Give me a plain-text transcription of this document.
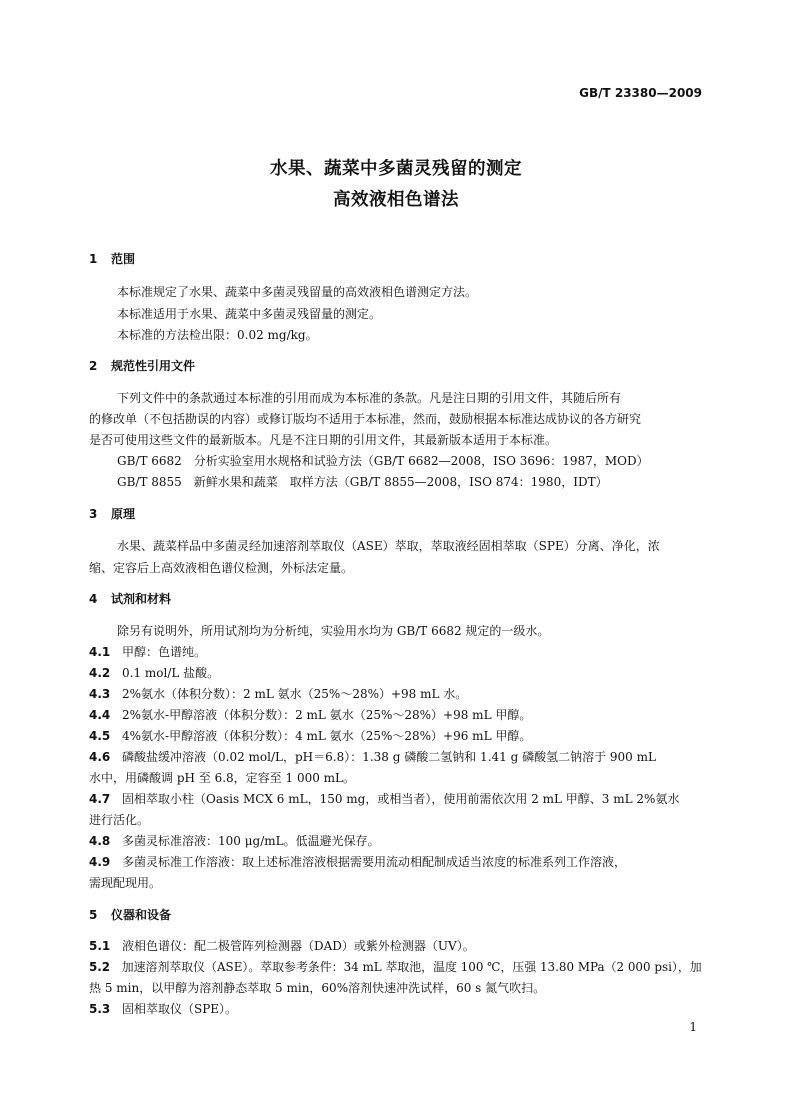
GB/T 23380—2009
水果、蔬菜中多菌灵残留的测定
高效液相色谱法
1 范围
本标准规定了水果、蔬菜中多菌灵残留量的高效液相色谱测定方法。
本标准适用于水果、蔬菜中多菌灵残留量的测定。
本标准的方法检出限：0.02 mg/kg。
2 规范性引用文件
下列文件中的条款通过本标准的引用而成为本标准的条款。凡是注日期的引用文件，其随后所有
的修改单（不包括勘误的内容）或修订版均不适用于本标准，然而，鼓励根据本标准达成协议的各方研究
是否可使用这些文件的最新版本。凡是不注日期的引用文件，其最新版本适用于本标准。
GB/T 6682　分析实验室用水规格和试验方法（GB/T 6682—2008，ISO 3696：1987，MOD）
GB/T 8855　新鲜水果和蔬菜　取样方法（GB/T 8855—2008，ISO 874：1980，IDT）
3 原理
水果、蔬菜样品中多菌灵经加速溶剂萃取仪（ASE）萃取，萃取液经固相萃取（SPE）分离、净化，浓
缩、定容后上高效液相色谱仪检测，外标法定量。
4 试剂和材料
除另有说明外，所用试剂均为分析纯，实验用水均为 GB/T 6682 规定的一级水。
4.1 甲醇：色谱纯。
4.2 0.1 mol/L 盐酸。
4.3 2%氨水（体积分数）：2 mL 氨水（25%～28%）+98 mL 水。
4.4 2%氨水-甲醇溶液（体积分数）：2 mL 氨水（25%～28%）+98 mL 甲醇。
4.5 4%氨水-甲醇溶液（体积分数）：4 mL 氨水（25%～28%）+96 mL 甲醇。
4.6 磷酸盐缓冲溶液（0.02 mol/L，pH＝6.8）：1.38 g 磷酸二氢钠和 1.41 g 磷酸氢二钠溶于 900 mL
水中，用磷酸调 pH 至 6.8，定容至 1 000 mL。
4.7 固相萃取小柱（Oasis MCX 6 mL，150 mg，或相当者），使用前需依次用 2 mL 甲醇、3 mL 2%氨水
进行活化。
4.8 多菌灵标准溶液：100 μg/mL。低温避光保存。
4.9 多菌灵标准工作溶液：取上述标准溶液根据需要用流动相配制成适当浓度的标准系列工作溶液，
需现配现用。
5 仪器和设备
5.1 液相色谱仪：配二极管阵列检测器（DAD）或紫外检测器（UV）。
5.2 加速溶剂萃取仪（ASE）。萃取参考条件：34 mL 萃取池，温度 100 ℃，压强 13.80 MPa（2 000 psi），加
热 5 min，以甲醇为溶剂静态萃取 5 min，60%溶剂快速冲洗试样，60 s 氮气吹扫。
5.3 固相萃取仪（SPE）。
1
